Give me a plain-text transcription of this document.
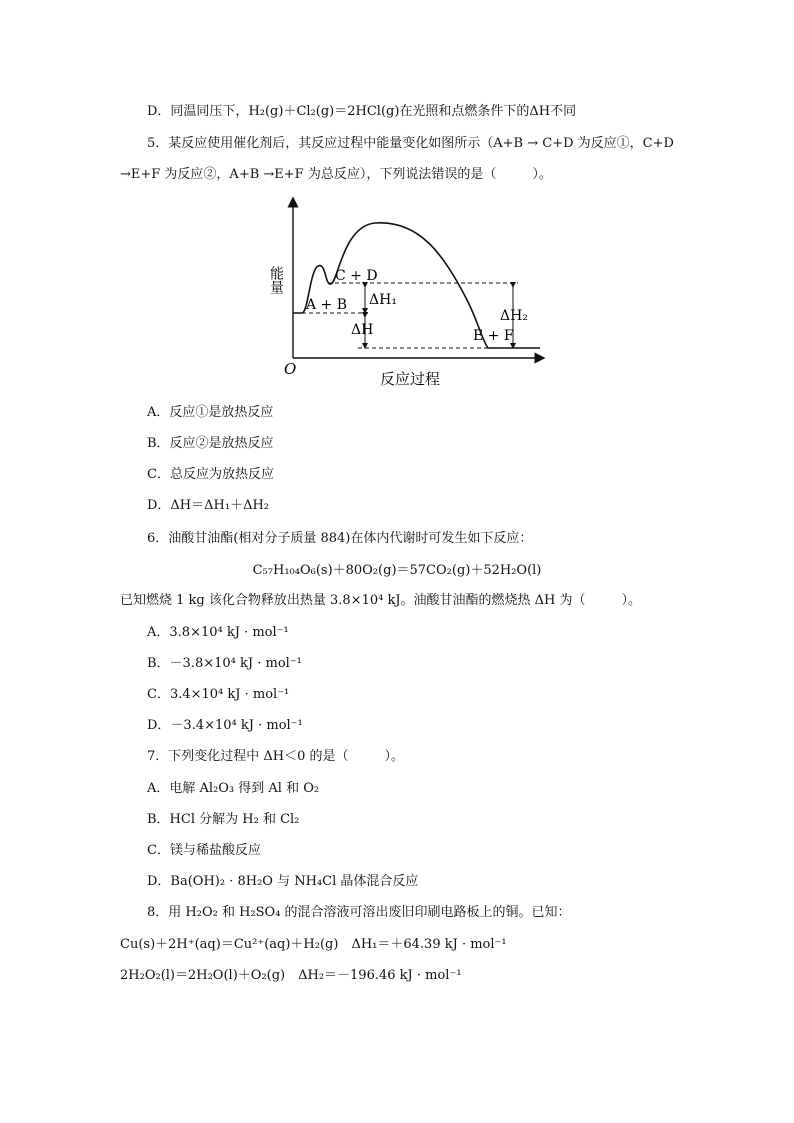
D．同温同压下，H₂(g)＋Cl₂(g)＝2HCl(g)在光照和点燃条件下的ΔH不同
5．某反应使用催化剂后，其反应过程中能量变化如图所示（A+B → C+D 为反应①，C+D
→E+F 为反应②，A+B →E+F 为总反应），下列说法错误的是（	）。
能量
反应过程
O
C + D
A + B
E + F
ΔH₁
ΔH
ΔH₂
A．反应①是放热反应
B．反应②是放热反应
C．总反应为放热反应
D．ΔH＝ΔH₁＋ΔH₂
6．油酸甘油酯(相对分子质量 884)在体内代谢时可发生如下反应：
C₅₇H₁₀₄O₆(s)＋80O₂(g)＝57CO₂(g)＋52H₂O(l)
已知燃烧 1 kg 该化合物释放出热量 3.8×10⁴ kJ。油酸甘油酯的燃烧热 ΔH 为（	）。
A．3.8×10⁴ kJ · mol⁻¹
B．－3.8×10⁴ kJ · mol⁻¹
C．3.4×10⁴ kJ · mol⁻¹
D．－3.4×10⁴ kJ · mol⁻¹
7．下列变化过程中 ΔH＜0 的是（	）。
A．电解 Al₂O₃ 得到 Al 和 O₂
B．HCl 分解为 H₂ 和 Cl₂
C．镁与稀盐酸反应
D．Ba(OH)₂ · 8H₂O 与 NH₄Cl 晶体混合反应
8．用 H₂O₂ 和 H₂SO₄ 的混合溶液可溶出废旧印刷电路板上的铜。已知：
Cu(s)＋2H⁺(aq)＝Cu²⁺(aq)＋H₂(g)　ΔH₁＝＋64.39 kJ · mol⁻¹
2H₂O₂(l)＝2H₂O(l)＋O₂(g)　ΔH₂＝－196.46 kJ · mol⁻¹
